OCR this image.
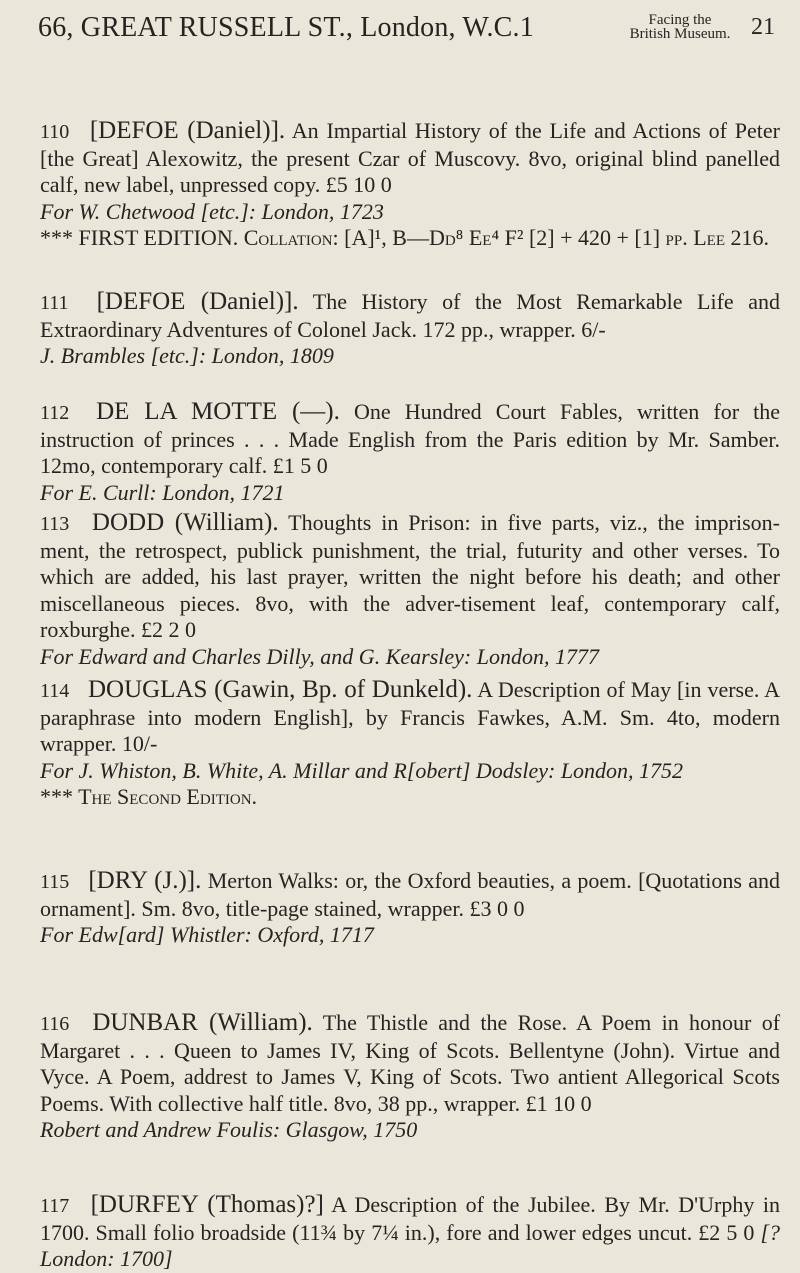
66, GREAT RUSSELL ST., London, W.C.1	Facing the
British Museum. 21

110 [DEFOE (Daniel)]. An Impartial History of the Life and Actions of Peter [the Great] Alexowitz, the present Czar of Muscovy. 8vo, original blind panelled calf, new label, unpressed copy. £5 10 0

For W. Chetwood [etc.]: London, 1723

*** FIRST EDITION. Collation: [A]¹, B—Dd⁸ Ee⁴ F² [2] + 420 + [1] pp. Lee 216.

111 [DEFOE (Daniel)]. The History of the Most Remarkable Life and Extraordinary Adventures of Colonel Jack. 172 pp., wrapper. 6/-

J. Brambles [etc.]: London, 1809

112 DE LA MOTTE (—). One Hundred Court Fables, written for the instruction of princes . . . Made English from the Paris edition by Mr. Samber. 12mo, contemporary calf. £1 5 0

For E. Curll: London, 1721

113 DODD (William). Thoughts in Prison: in five parts, viz., the imprison-ment, the retrospect, publick punishment, the trial, futurity and other verses. To which are added, his last prayer, written the night before his death; and other miscellaneous pieces. 8vo, with the adver-tisement leaf, contemporary calf, roxburghe. £2 2 0

For Edward and Charles Dilly, and G. Kearsley: London, 1777

114 DOUGLAS (Gawin, Bp. of Dunkeld). A Description of May [in verse. A paraphrase into modern English], by Francis Fawkes, A.M. Sm. 4to, modern wrapper. 10/-

For J. Whiston, B. White, A. Millar and R[obert] Dodsley: London, 1752

*** The Second Edition.

115 [DRY (J.)]. Merton Walks: or, the Oxford beauties, a poem. [Quotations and ornament]. Sm. 8vo, title-page stained, wrapper. £3 0 0

For Edw[ard] Whistler: Oxford, 1717

116 DUNBAR (William). The Thistle and the Rose. A Poem in honour of Margaret . . . Queen to James IV, King of Scots. Bellentyne (John). Virtue and Vyce. A Poem, addrest to James V, King of Scots. Two antient Allegorical Scots Poems. With collective half title. 8vo, 38 pp., wrapper. £1 10 0

Robert and Andrew Foulis: Glasgow, 1750

117 [DURFEY (Thomas)?] A Description of the Jubilee. By Mr. D'Urphy in 1700. Small folio broadside (11¾ by 7¼ in.), fore and lower edges uncut. £2 5 0 [?London: 1700]
